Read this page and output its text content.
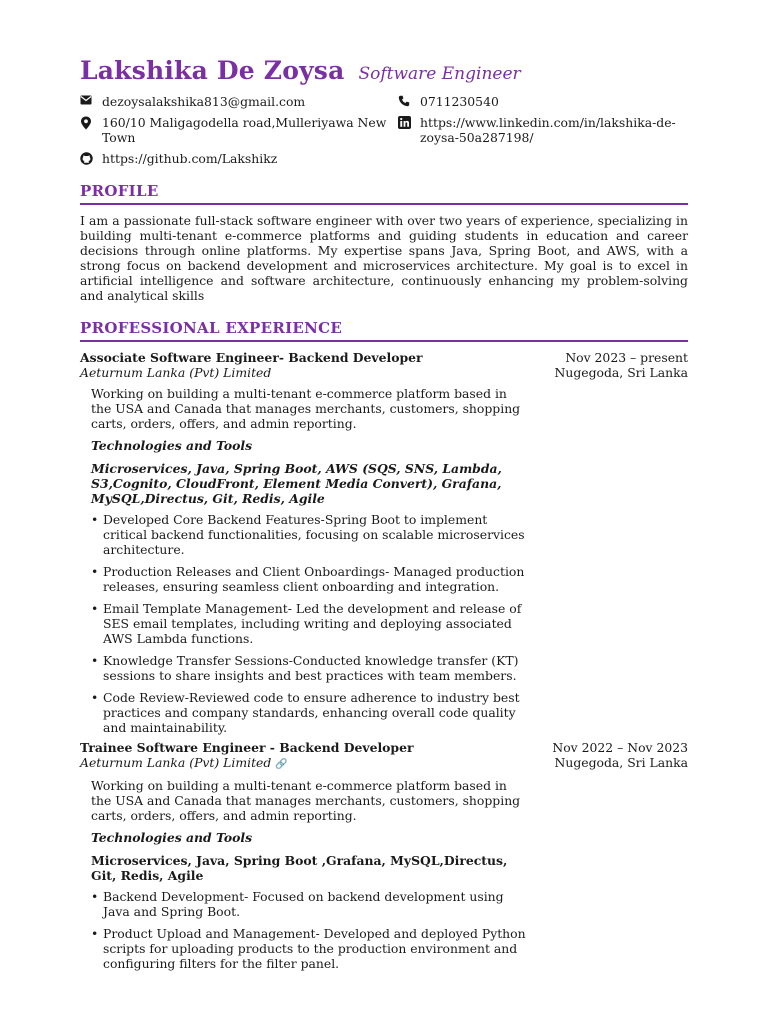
Lakshika De Zoysa Software Engineer
dezoysalakshika813@gmail.com	0711230540
160/10 Maligagodella road,Mulleriyawa New Town
https://www.linkedin.com/in/lakshika-de-zoysa-50a287198/
https://github.com/Lakshikz
PROFILE
I am a passionate full-stack software engineer with over two years of experience, specializing in building multi-tenant e-commerce platforms and guiding students in education and career decisions through online platforms. My expertise spans Java, Spring Boot, and AWS, with a strong focus on backend development and microservices architecture. My goal is to excel in artificial intelligence and software architecture, continuously enhancing my problem-solving and analytical skills
PROFESSIONAL EXPERIENCE
Associate Software Engineer- Backend Developer
Aeturnum Lanka (Pvt) Limited
Nov 2023 – present
Nugegoda, Sri Lanka
Working on building a multi-tenant e-commerce platform based in the USA and Canada that manages merchants, customers, shopping carts, orders, offers, and admin reporting.
Technologies and Tools
Microservices, Java, Spring Boot, AWS (SQS, SNS, Lambda, S3,Cognito, CloudFront, Element Media Convert), Grafana, MySQL,Directus, Git, Redis, Agile
• Developed Core Backend Features-Spring Boot to implement critical backend functionalities, focusing on scalable microservices architecture.
• Production Releases and Client Onboardings- Managed production releases, ensuring seamless client onboarding and integration.
• Email Template Management- Led the development and release of SES email templates, including writing and deploying associated AWS Lambda functions.
• Knowledge Transfer Sessions-Conducted knowledge transfer (KT) sessions to share insights and best practices with team members.
• Code Review-Reviewed code to ensure adherence to industry best practices and company standards, enhancing overall code quality and maintainability.
Trainee Software Engineer - Backend Developer
Aeturnum Lanka (Pvt) Limited 🔗
Nov 2022 – Nov 2023
Nugegoda, Sri Lanka
Working on building a multi-tenant e-commerce platform based in the USA and Canada that manages merchants, customers, shopping carts, orders, offers, and admin reporting.
Technologies and Tools
Microservices, Java, Spring Boot ,Grafana, MySQL,Directus, Git, Redis, Agile
• Backend Development- Focused on backend development using Java and Spring Boot.
• Product Upload and Management- Developed and deployed Python scripts for uploading products to the production environment and configuring filters for the filter panel.
